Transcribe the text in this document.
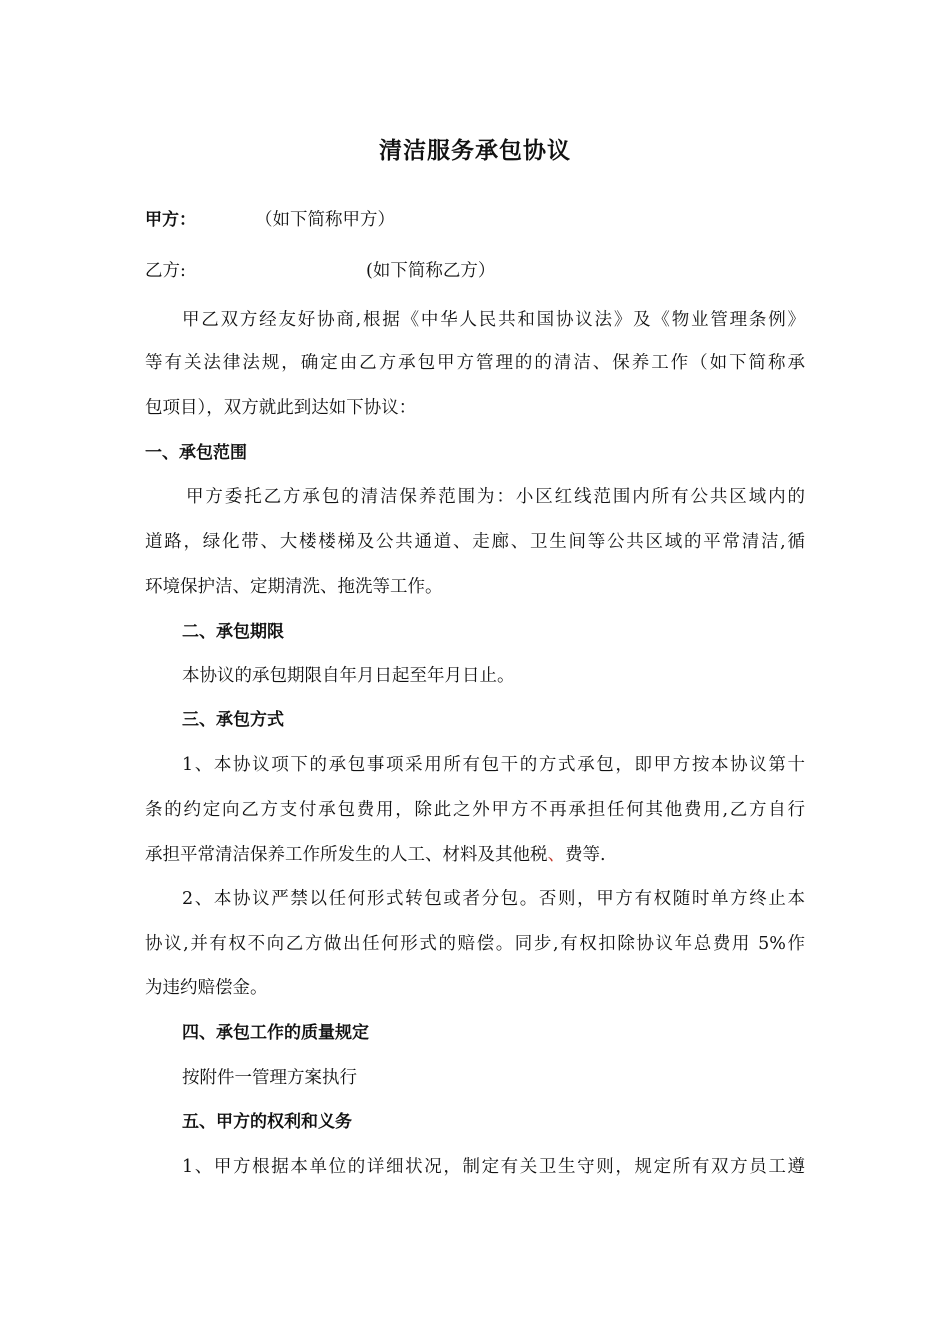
清洁服务承包协议
甲方：	（如下简称甲方）
乙方:	(如下简称乙方）
甲乙双方经友好协商,根据《中华人民共和国协议法》及《物业管理条例》
等有关法律法规，确定由乙方承包甲方管理的的清洁、保养工作（如下简称承
包项目），双方就此到达如下协议：
一、承包范围
甲方委托乙方承包的清洁保养范围为：小区红线范围内所有公共区域内的
道路，绿化带、大楼楼梯及公共通道、走廊、卫生间等公共区域的平常清洁,循
环境保护洁、定期清洗、拖洗等工作。
二、承包期限
本协议的承包期限自年月日起至年月日止。
三、承包方式
1、本协议项下的承包事项采用所有包干的方式承包，即甲方按本协议第十
条的约定向乙方支付承包费用，除此之外甲方不再承担任何其他费用,乙方自行
承担平常清洁保养工作所发生的人工、材料及其他税、费等.
2、本协议严禁以任何形式转包或者分包。否则，甲方有权随时单方终止本
协议,并有权不向乙方做出任何形式的赔偿。同步,有权扣除协议年总费用 5%作
为违约赔偿金。
四、承包工作的质量规定
按附件一管理方案执行
五、甲方的权利和义务
1、甲方根据本单位的详细状况，制定有关卫生守则，规定所有双方员工遵
